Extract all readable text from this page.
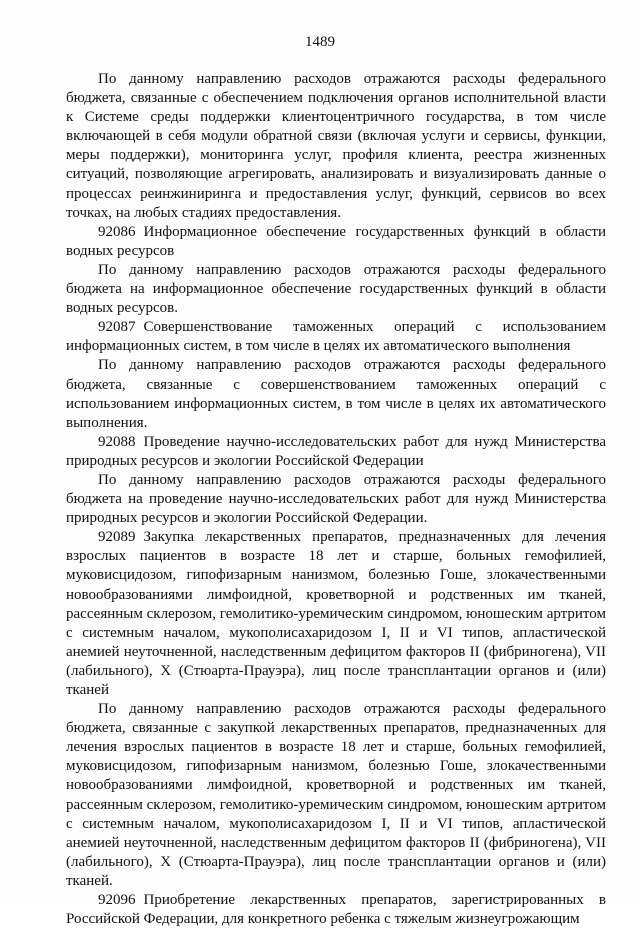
1489

По данному направлению расходов отражаются расходы федерального бюджета, связанные с обеспечением подключения органов исполнительной власти к Системе среды поддержки клиентоцентричного государства, в том числе включающей в себя модули обратной связи (включая услуги и сервисы, функции, меры поддержки), мониторинга услуг, профиля клиента, реестра жизненных ситуаций, позволяющие агрегировать, анализировать и визуализировать данные о процессах реинжиниринга и предоставления услуг, функций, сервисов во всех точках, на любых стадиях предоставления.

92086 Информационное обеспечение государственных функций в области водных ресурсов

По данному направлению расходов отражаются расходы федерального бюджета на информационное обеспечение государственных функций в области водных ресурсов.

92087 Совершенствование таможенных операций с использованием информационных систем, в том числе в целях их автоматического выполнения

По данному направлению расходов отражаются расходы федерального бюджета, связанные с совершенствованием таможенных операций с использованием информационных систем, в том числе в целях их автоматического выполнения.

92088 Проведение научно-исследовательских работ для нужд Министерства природных ресурсов и экологии Российской Федерации

По данному направлению расходов отражаются расходы федерального бюджета на проведение научно-исследовательских работ для нужд Министерства природных ресурсов и экологии Российской Федерации.

92089 Закупка лекарственных препаратов, предназначенных для лечения взрослых пациентов в возрасте 18 лет и старше, больных гемофилией, муковисцидозом, гипофизарным нанизмом, болезнью Гоше, злокачественными новообразованиями лимфоидной, кроветворной и родственных им тканей, рассеянным склерозом, гемолитико-уремическим синдромом, юношеским артритом с системным началом, мукополисахаридозом I, II и VI типов, апластической анемией неуточненной, наследственным дефицитом факторов II (фибриногена), VII (лабильного), X (Стюарта-Прауэра), лиц после трансплантации органов и (или) тканей

По данному направлению расходов отражаются расходы федерального бюджета, связанные с закупкой лекарственных препаратов, предназначенных для лечения взрослых пациентов в возрасте 18 лет и старше, больных гемофилией, муковисцидозом, гипофизарным нанизмом, болезнью Гоше, злокачественными новообразованиями лимфоидной, кроветворной и родственных им тканей, рассеянным склерозом, гемолитико-уремическим синдромом, юношеским артритом с системным началом, мукополисахаридозом I, II и VI типов, апластической анемией неуточненной, наследственным дефицитом факторов II (фибриногена), VII (лабильного), X (Стюарта-Прауэра), лиц после трансплантации органов и (или) тканей.

92096 Приобретение лекарственных препаратов, зарегистрированных в Российской Федерации, для конкретного ребенка с тяжелым жизнеугрожающим
